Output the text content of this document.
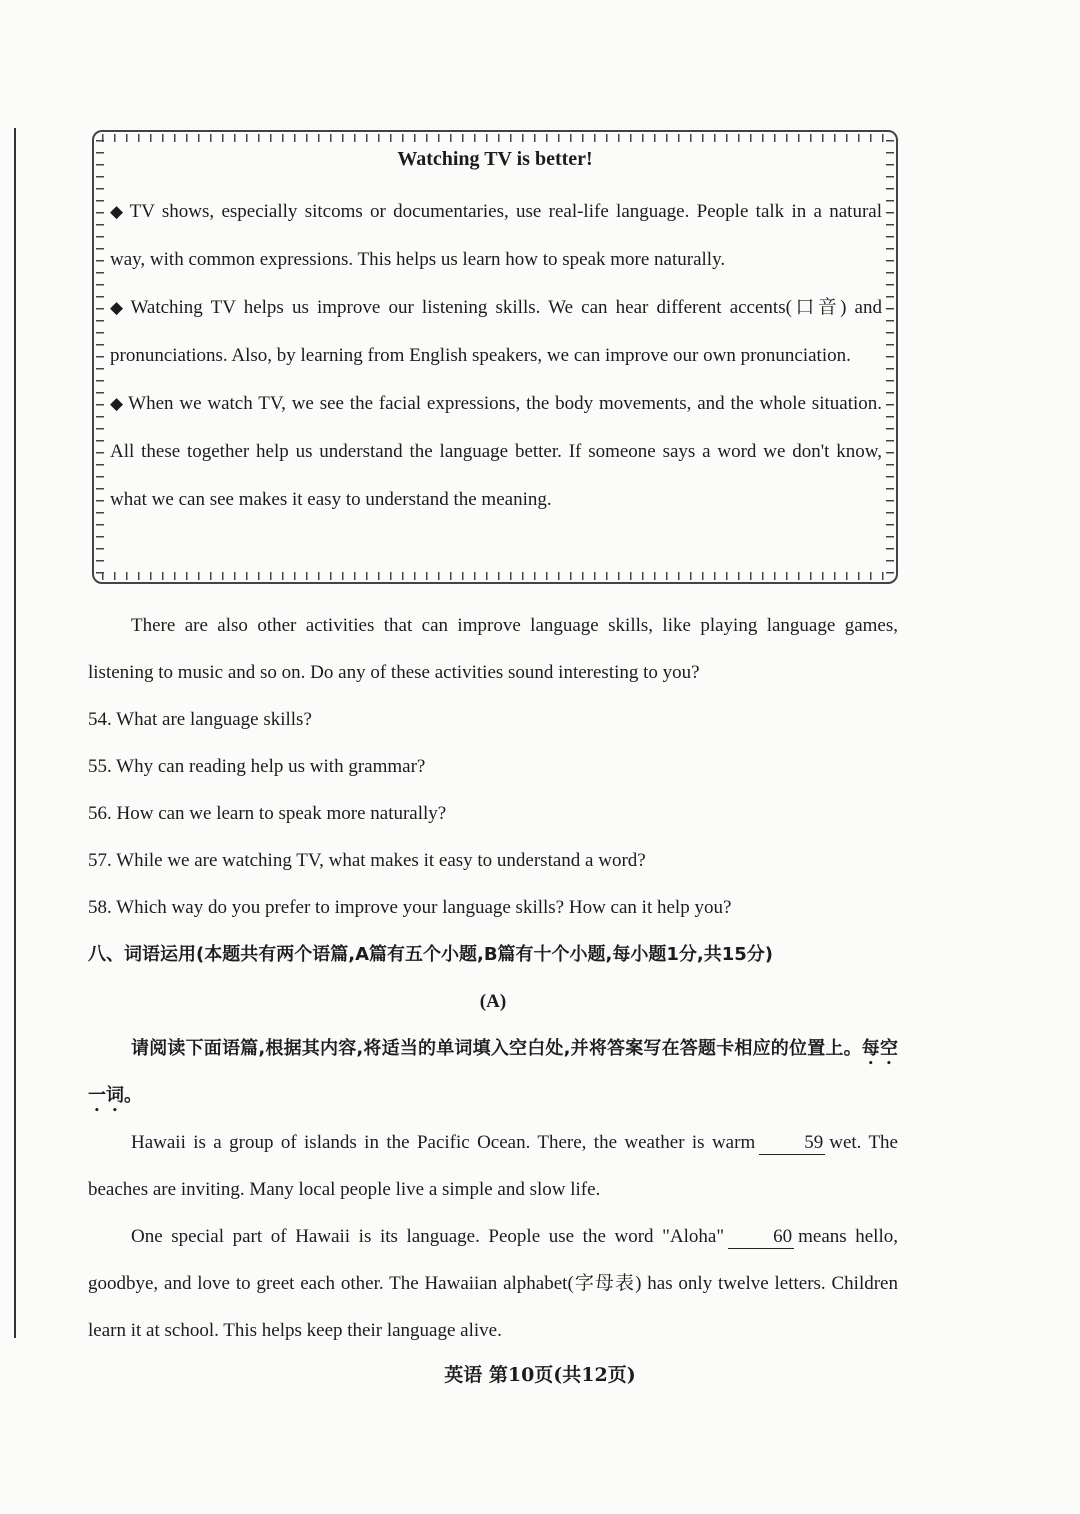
Watching TV is better!

◆ TV shows, especially sitcoms or documentaries, use real-life language. People talk in a natural way, with common expressions. This helps us learn how to speak more naturally.

◆ Watching TV helps us improve our listening skills. We can hear different accents(口音) and pronunciations. Also, by learning from English speakers, we can improve our own pronunciation.

◆ When we watch TV, we see the facial expressions, the body movements, and the whole situation. All these together help us understand the language better. If someone says a word we don't know, what we can see makes it easy to understand the meaning.

There are also other activities that can improve language skills, like playing language games, listening to music and so on. Do any of these activities sound interesting to you?

54. What are language skills?

55. Why can reading help us with grammar?

56. How can we learn to speak more naturally?

57. While we are watching TV, what makes it easy to understand a word?

58. Which way do you prefer to improve your language skills? How can it help you?

八、词语运用(本题共有两个语篇,A篇有五个小题,B篇有十个小题,每小题1分,共15分)

(A)

请阅读下面语篇,根据其内容,将适当的单词填入空白处,并将答案写在答题卡相应的位置上。每空一词。

Hawaii is a group of islands in the Pacific Ocean. There, the weather is warm	59 wet. The beaches are inviting. Many local people live a simple and slow life.

One special part of Hawaii is its language. People use the word "Aloha"	60 means hello, goodbye, and love to greet each other. The Hawaiian alphabet(字母表) has only twelve letters. Children learn it at school. This helps keep their language alive.

英语 第10页(共12页)
